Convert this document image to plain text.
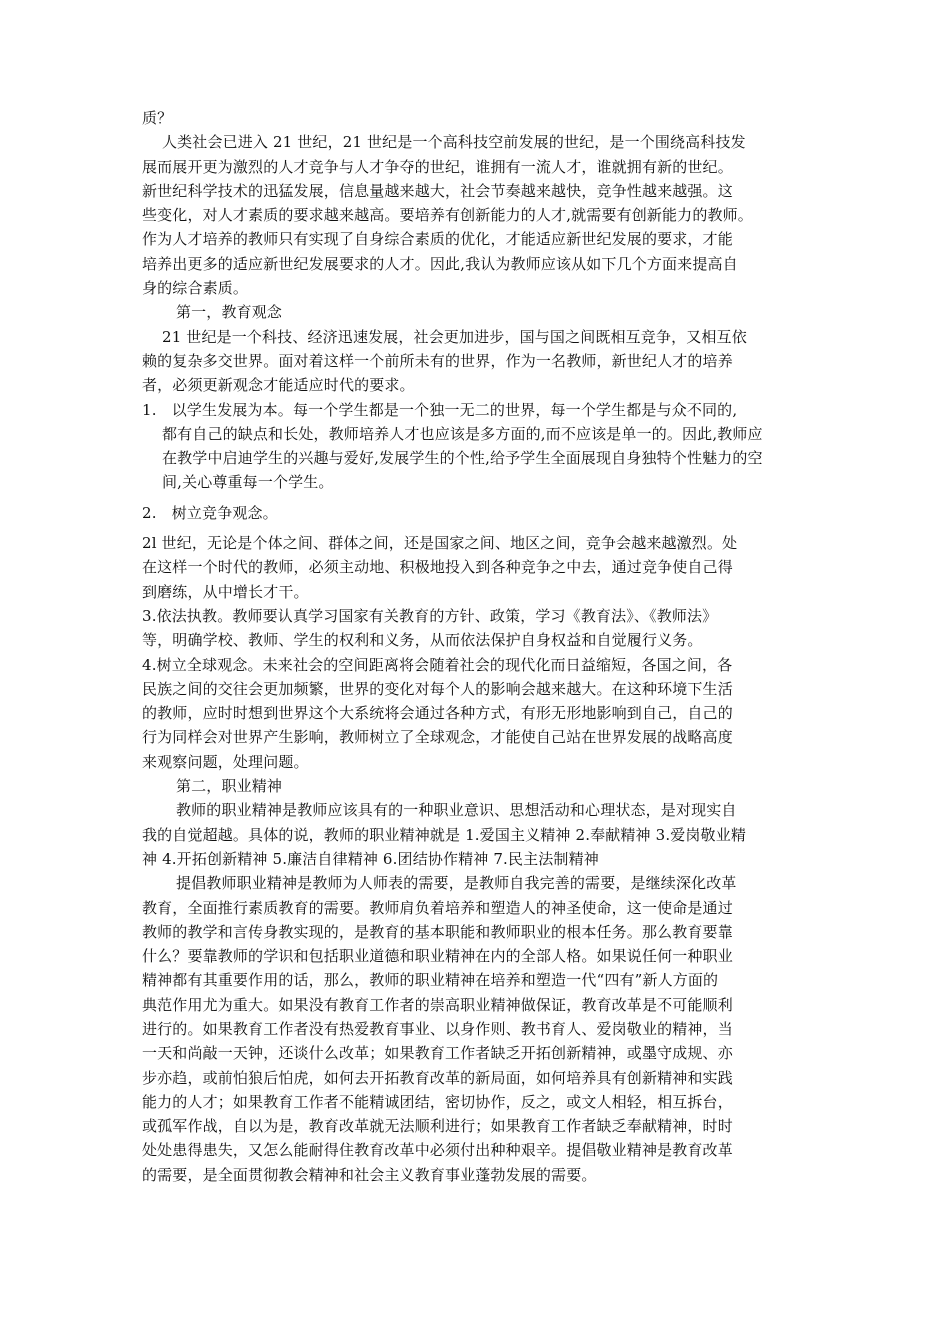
质？
人类社会已进入 21 世纪，21 世纪是一个高科技空前发展的世纪，是一个围绕高科技发
展而展开更为激烈的人才竞争与人才争夺的世纪，谁拥有一流人才，谁就拥有新的世纪。
新世纪科学技术的迅猛发展，信息量越来越大，社会节奏越来越快，竞争性越来越强。这
些变化，对人才素质的要求越来越高。要培养有创新能力的人才,就需要有创新能力的教师。
作为人才培养的教师只有实现了自身综合素质的优化，才能适应新世纪发展的要求，才能
培养出更多的适应新世纪发展要求的人才。因此,我认为教师应该从如下几个方面来提高自
身的综合素质。
第一，教育观念
21 世纪是一个科技、经济迅速发展，社会更加进步，国与国之间既相互竞争，又相互依
赖的复杂多交世界。面对着这样一个前所未有的世界，作为一名教师，新世纪人才的培养
者，必须更新观念才能适应时代的要求。
1.　以学生发展为本。每一个学生都是一个独一无二的世界，每一个学生都是与众不同的,
都有自己的缺点和长处，教师培养人才也应该是多方面的,而不应该是单一的。因此,教师应
在教学中启迪学生的兴趣与爱好,发展学生的个性,给予学生全面展现自身独特个性魅力的空
间,关心尊重每一个学生。
2.　树立竞争观念。
2l 世纪，无论是个体之间、群体之间，还是国家之间、地区之间，竞争会越来越激烈。处
在这样一个时代的教师，必须主动地、积极地投入到各种竞争之中去，通过竞争使自己得
到磨练，从中增长才干。
3.依法执教。教师要认真学习国家有关教育的方针、政策，学习《教育法》、《教师法》
等，明确学校、教师、学生的权利和义务，从而依法保护自身权益和自觉履行义务。
4.树立全球观念。未来社会的空间距离将会随着社会的现代化而日益缩短，各国之间，各
民族之间的交往会更加频繁，世界的变化对每个人的影响会越来越大。在这种环境下生活
的教师，应时时想到世界这个大系统将会通过各种方式，有形无形地影响到自己，自己的
行为同样会对世界产生影响，教师树立了全球观念，才能使自己站在世界发展的战略高度
来观察问题，处理问题。
第二，职业精神
教师的职业精神是教师应该具有的一种职业意识、思想活动和心理状态，是对现实自
我的自觉超越。具体的说，教师的职业精神就是 1.爱国主义精神 2.奉献精神 3.爱岗敬业精
神 4.开拓创新精神 5.廉洁自律精神 6.团结协作精神 7.民主法制精神
提倡教师职业精神是教师为人师表的需要，是教师自我完善的需要，是继续深化改革
教育，全面推行素质教育的需要。教师肩负着培养和塑造人的神圣使命，这一使命是通过
教师的教学和言传身教实现的，是教育的基本职能和教师职业的根本任务。那么教育要靠
什么？要靠教师的学识和包括职业道德和职业精神在内的全部人格。如果说任何一种职业
精神都有其重要作用的话，那么，教师的职业精神在培养和塑造一代“四有”新人方面的
典范作用尤为重大。如果没有教育工作者的崇高职业精神做保证，教育改革是不可能顺利
进行的。如果教育工作者没有热爱教育事业、以身作则、教书育人、爱岗敬业的精神，当
一天和尚敲一天钟，还谈什么改革；如果教育工作者缺乏开拓创新精神，或墨守成规、亦
步亦趋，或前怕狼后怕虎，如何去开拓教育改革的新局面，如何培养具有创新精神和实践
能力的人才；如果教育工作者不能精诚团结，密切协作，反之，或文人相轻，相互拆台，
或孤军作战，自以为是，教育改革就无法顺利进行；如果教育工作者缺乏奉献精神，时时
处处患得患失，又怎么能耐得住教育改革中必须付出种种艰辛。提倡敬业精神是教育改革
的需要，是全面贯彻教会精神和社会主义教育事业蓬勃发展的需要。
